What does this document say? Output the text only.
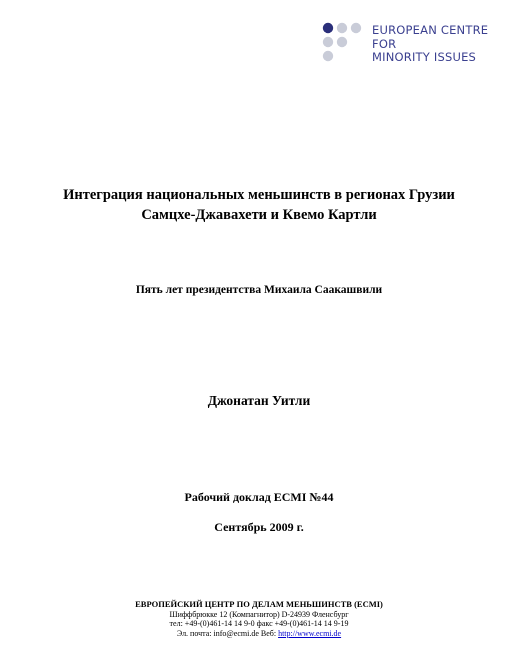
EUROPEAN CENTRE
FOR
MINORITY ISSUES
Интеграция национальных меньшинств в регионах Грузии
Самцхе-Джавахети и Квемо Картли
Пять лет президентства Михаила Саакашвили
Джонатан Уитли
Рабочий доклад ECMI №44
Сентябрь 2009 г.
ЕВРОПЕЙСКИЙ ЦЕНТР ПО ДЕЛАМ МЕНЬШИНСТВ (ECMI)
Шиффбрюкке 12 (Компагнитор) D-24939 Фленсбург
тел: +49-(0)461-14 14 9-0 факс +49-(0)461-14 14 9-19
Эл. почта: info@ecmi.de Веб: http://www.ecmi.de
